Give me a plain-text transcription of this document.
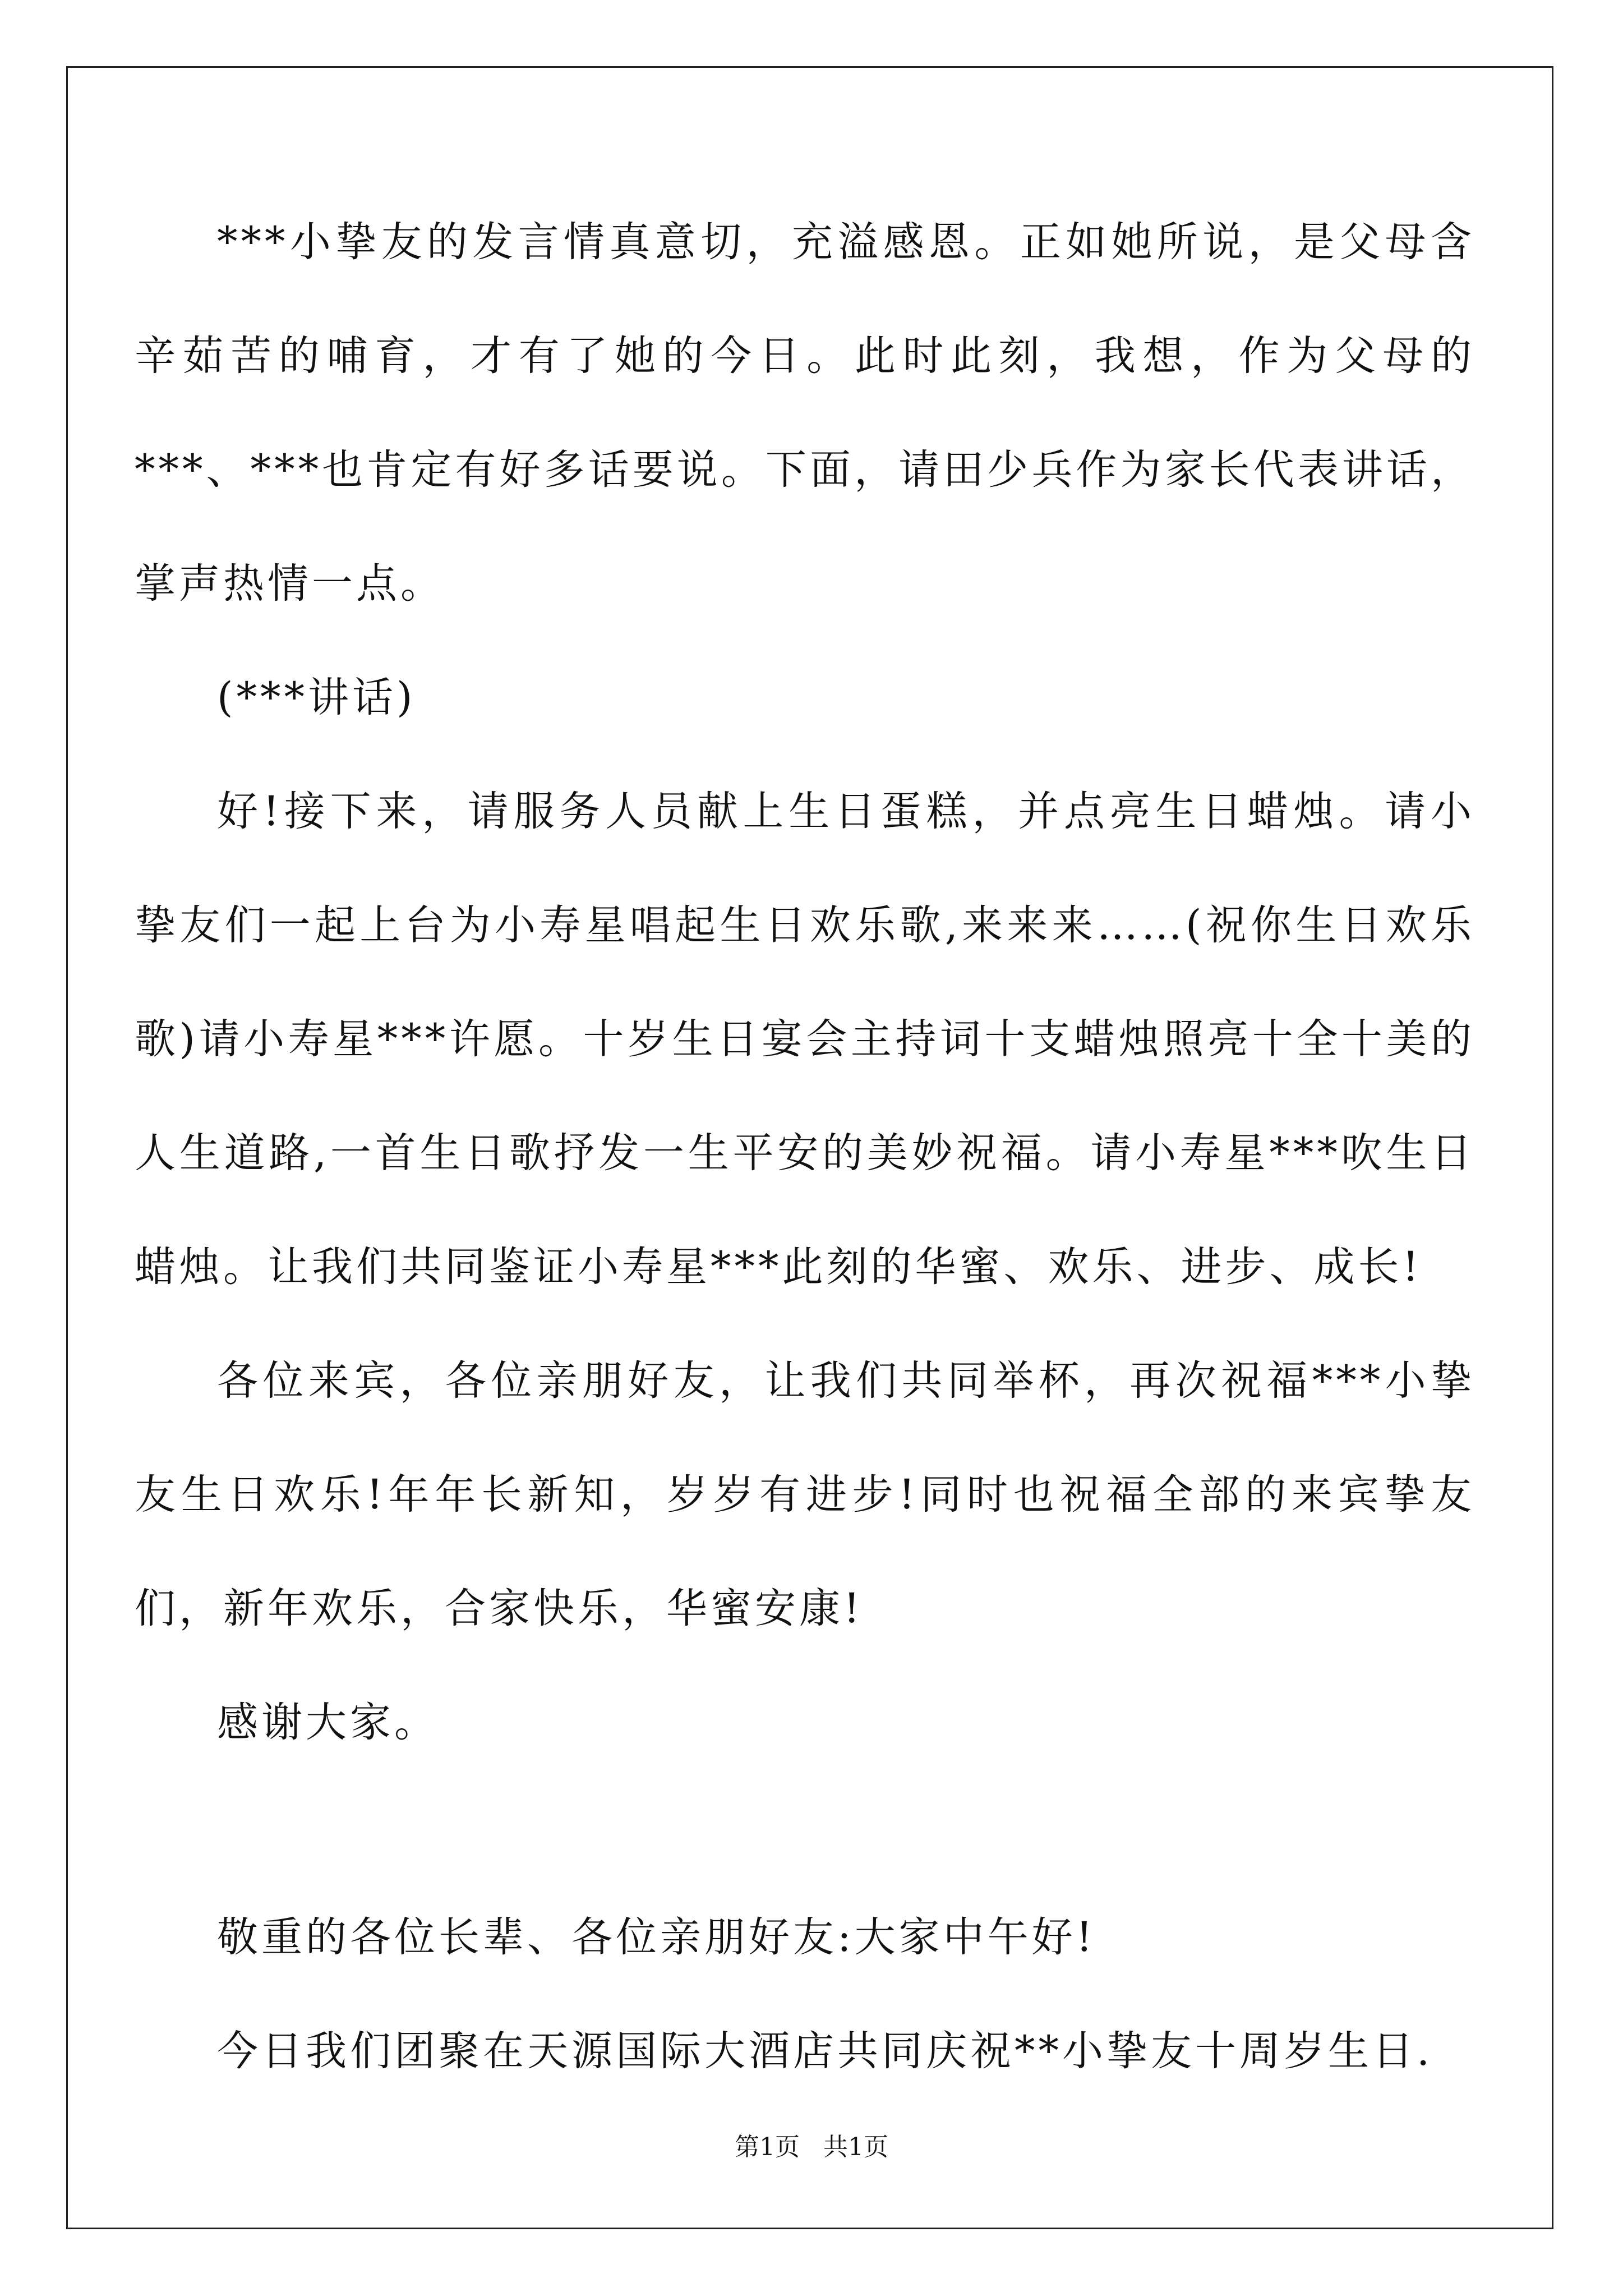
***小挚友的发言情真意切，充溢感恩。正如她所说，是父母含辛茹苦的哺育，才有了她的今日。此时此刻，我想，作为父母的***、***也肯定有好多话要说。下面，请田少兵作为家长代表讲话，掌声热情一点。

(***讲话)

好!接下来，请服务人员献上生日蛋糕，并点亮生日蜡烛。请小挚友们一起上台为小寿星唱起生日欢乐歌,来来来……(祝你生日欢乐歌)请小寿星***许愿。十岁生日宴会主持词十支蜡烛照亮十全十美的人生道路,一首生日歌抒发一生平安的美妙祝福。请小寿星***吹生日蜡烛。让我们共同鉴证小寿星***此刻的华蜜、欢乐、进步、成长!

各位来宾，各位亲朋好友，让我们共同举杯，再次祝福***小挚友生日欢乐!年年长新知，岁岁有进步!同时也祝福全部的来宾挚友们，新年欢乐，合家快乐，华蜜安康!

感谢大家。

敬重的各位长辈、各位亲朋好友:大家中午好!

今日我们团聚在天源国际大酒店共同庆祝**小挚友十周岁生日.

第1页 共1页
